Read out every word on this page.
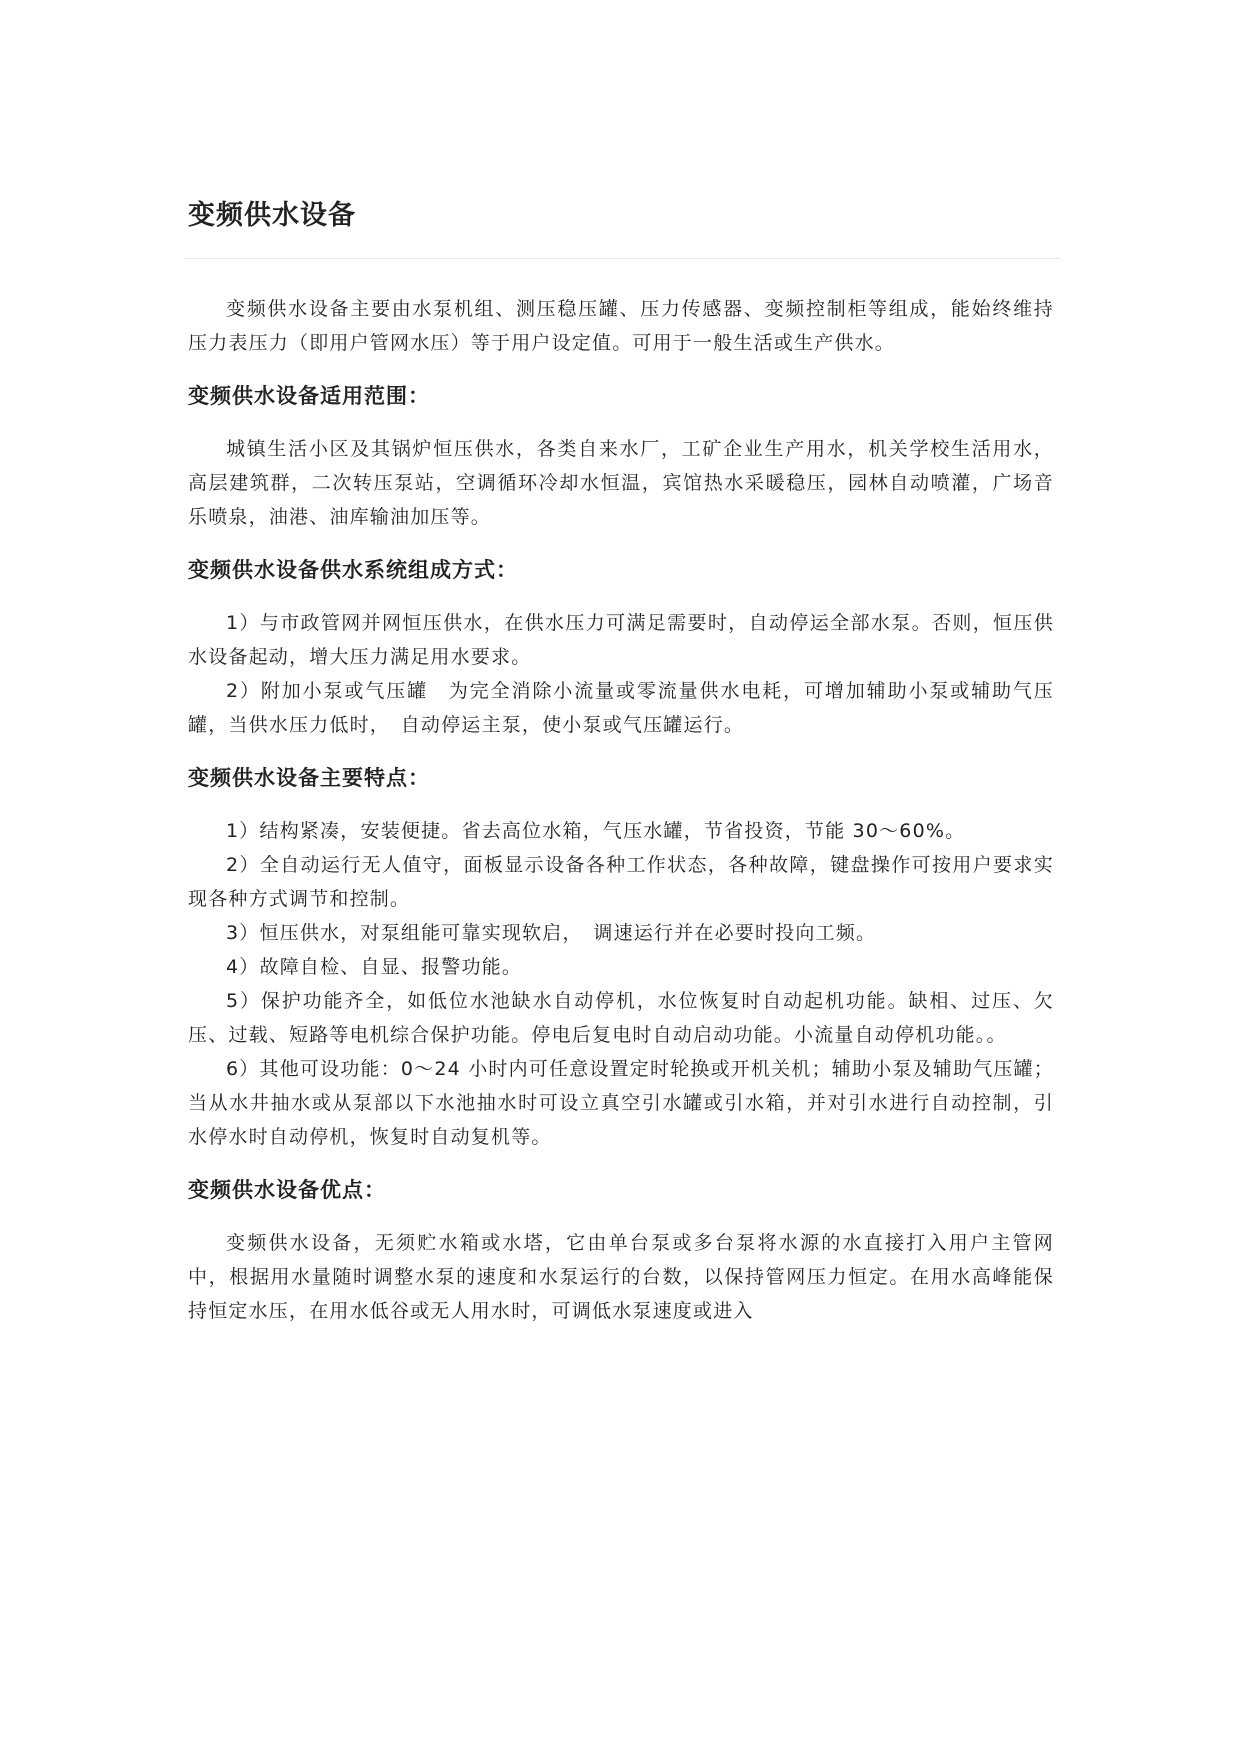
变频供水设备

变频供水设备主要由水泵机组、测压稳压罐、压力传感器、变频控制柜等组成，能始终维持压力表压力（即用户管网水压）等于用户设定值。可用于一般生活或生产供水。

变频供水设备适用范围：

城镇生活小区及其锅炉恒压供水，各类自来水厂，工矿企业生产用水，机关学校生活用水，高层建筑群，二次转压泵站，空调循环冷却水恒温，宾馆热水采暖稳压，园林自动喷灌，广场音乐喷泉，油港、油库输油加压等。

变频供水设备供水系统组成方式：

1）与市政管网并网恒压供水，在供水压力可满足需要时，自动停运全部水泵。否则，恒压供水设备起动，增大压力满足用水要求。

2）附加小泵或气压罐　为完全消除小流量或零流量供水电耗，可增加辅助小泵或辅助气压罐，当供水压力低时，　自动停运主泵，使小泵或气压罐运行。

变频供水设备主要特点：

1）结构紧凑，安装便捷。省去高位水箱，气压水罐，节省投资，节能 30～60%。

2）全自动运行无人值守，面板显示设备各种工作状态，各种故障，键盘操作可按用户要求实现各种方式调节和控制。

3）恒压供水，对泵组能可靠实现软启，　调速运行并在必要时投向工频。

4）故障自检、自显、报警功能。

5）保护功能齐全，如低位水池缺水自动停机，水位恢复时自动起机功能。缺相、过压、欠压、过载、短路等电机综合保护功能。停电后复电时自动启动功能。小流量自动停机功能。。

6）其他可设功能：0～24 小时内可任意设置定时轮换或开机关机；辅助小泵及辅助气压罐；当从水井抽水或从泵部以下水池抽水时可设立真空引水罐或引水箱，并对引水进行自动控制，引水停水时自动停机，恢复时自动复机等。

变频供水设备优点：

变频供水设备，无须贮水箱或水塔，它由单台泵或多台泵将水源的水直接打入用户主管网中，根据用水量随时调整水泵的速度和水泵运行的台数，以保持管网压力恒定。在用水高峰能保持恒定水压，在用水低谷或无人用水时，可调低水泵速度或进入
